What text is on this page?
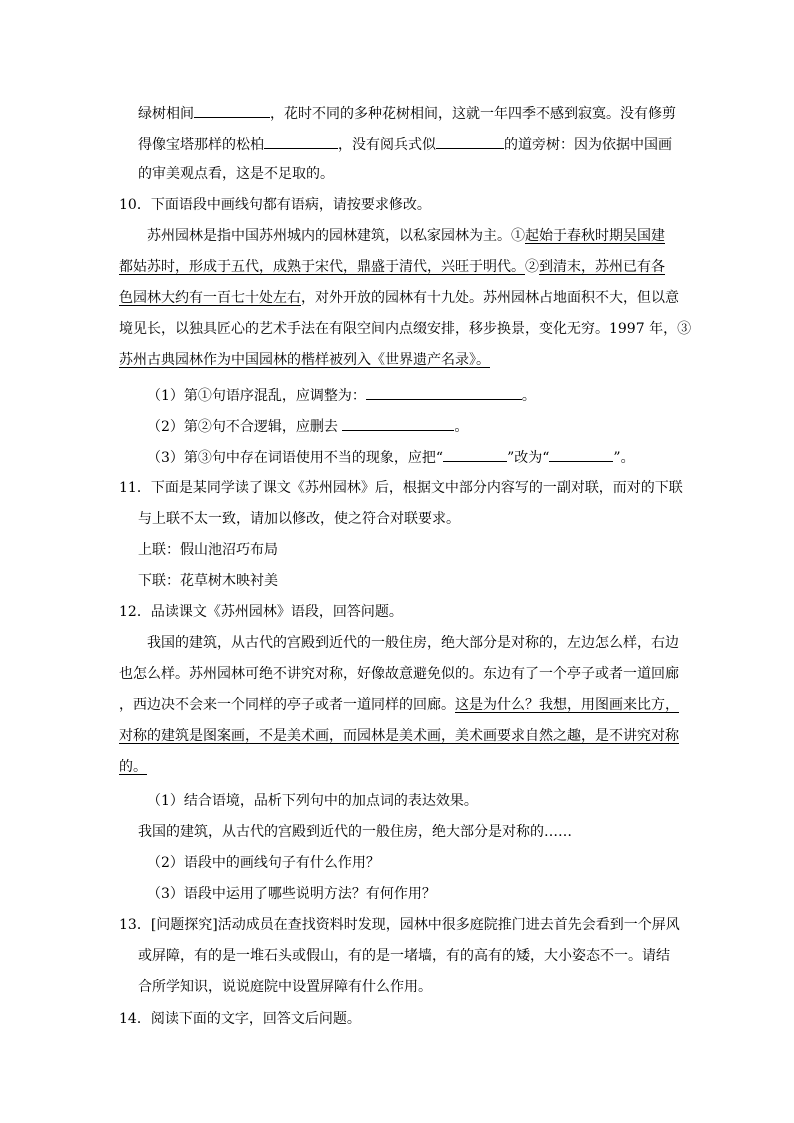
绿树相间	，花时不同的多种花树相间，这就一年四季不感到寂寞。没有修剪
得像宝塔那样的松柏	，没有阅兵式似	的道旁树：因为依据中国画
的审美观点看，这是不足取的。
10．下面语段中画线句都有语病，请按要求修改。
苏州园林是指中国苏州城内的园林建筑，以私家园林为主。①起始于春秋时期吴国建
都姑苏时，形成于五代，成熟于宋代，鼎盛于清代，兴旺于明代。②到清末，苏州已有各
色园林大约有一百七十处左右，对外开放的园林有十九处。苏州园林占地面积不大，但以意
境见长，以独具匠心的艺术手法在有限空间内点缀安排，移步换景，变化无穷。1997 年，③
苏州古典园林作为中国园林的楷样被列入《世界遗产名录》。
（1）第①句语序混乱，应调整为：	。
（2）第②句不合逻辑，应删去	。
（3）第③句中存在词语使用不当的现象，应把“	”改为“	”。
11．下面是某同学读了课文《苏州园林》后，根据文中部分内容写的一副对联，而对的下联
与上联不太一致，请加以修改，使之符合对联要求。
上联：假山池沼巧布局
下联：花草树木映衬美
12．品读课文《苏州园林》语段，回答问题。
我国的建筑，从古代的宫殿到近代的一般住房，绝大部分是对称的，左边怎么样，右边
也怎么样。苏州园林可绝不讲究对称，好像故意避免似的。东边有了一个亭子或者一道回廊
，西边决不会来一个同样的亭子或者一道同样的回廊。这是为什么？我想，用图画来比方，
对称的建筑是图案画，不是美术画，而园林是美术画，美术画要求自然之趣，是不讲究对称
的。
（1）结合语境，品析下列句中的加点词的表达效果。
我国的建筑，从古代的宫殿到近代的一般住房，绝大部分是对称的……
（2）语段中的画线句子有什么作用？
（3）语段中运用了哪些说明方法？有何作用？
13．[问题探究]活动成员在查找资料时发现，园林中很多庭院推门进去首先会看到一个屏风
或屏障，有的是一堆石头或假山，有的是一堵墙，有的高有的矮，大小姿态不一。请结
合所学知识，说说庭院中设置屏障有什么作用。
14．阅读下面的文字，回答文后问题。
